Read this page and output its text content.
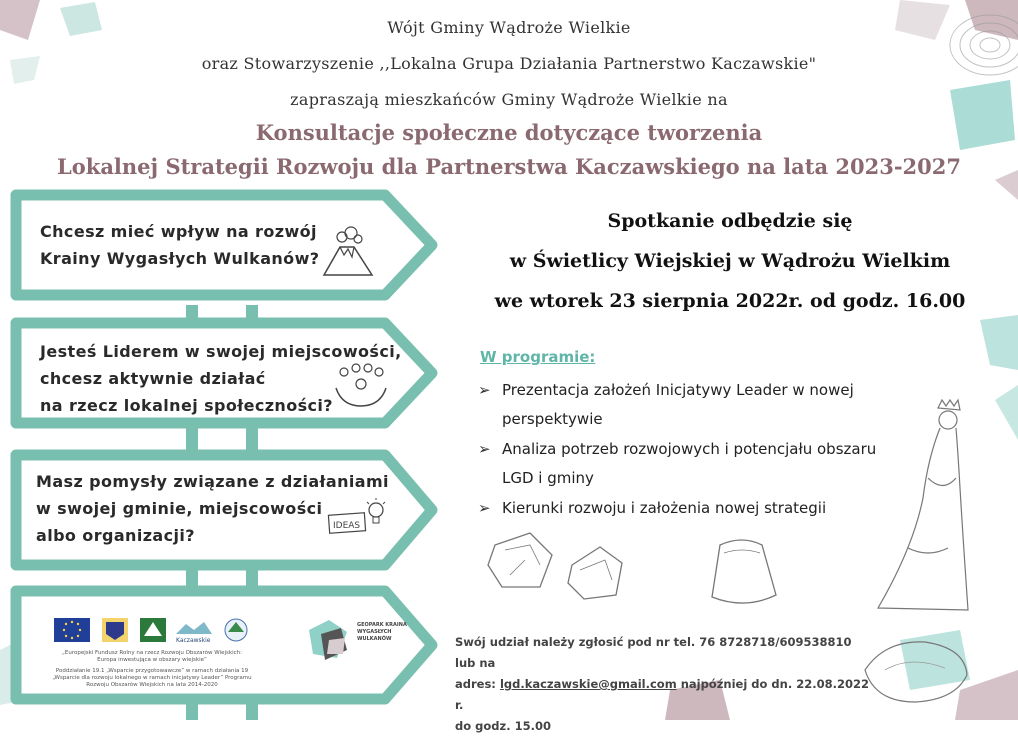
Wójt Gminy Wądroże Wielkie
oraz Stowarzyszenie ,,Lokalna Grupa Działania Partnerstwo Kaczawskie"
zapraszają mieszkańców Gminy Wądroże Wielkie na
Konsultacje społeczne dotyczące tworzenia
Lokalnej Strategii Rozwoju dla Partnerstwa Kaczawskiego na lata 2023-2027
Chcesz mieć wpływ na rozwój
Krainy Wygasłych Wulkanów?
Jesteś Liderem w swojej miejscowości,
chcesz aktywnie działać
na rzecz lokalnej społeczności?
Masz pomysły związane z działaniami
w swojej gminie, miejscowości
albo organizacji?	IDEAS
Kaczawskie
„Europejski Fundusz Rolny na rzecz Rozwoju Obszarów Wiejskich: Europa inwestująca w obszary wiejskie”
Poddziałanie 19.1 „Wsparcie przygotowawcze” w ramach działania 19 „Wsparcie dla rozwoju lokalnego w ramach inicjatywy Leader” Programu Rozwoju Obszarów Wiejskich na lata 2014-2020
GEOPARK KRAINA WYGASŁYCH WULKANÓW
Spotkanie odbędzie się
w Świetlicy Wiejskiej w Wądrożu Wielkim
we wtorek 23 sierpnia 2022r. od godz. 16.00
W programie:
➢ Prezentacja założeń Inicjatywy Leader w nowej perspektywie
➢ Analiza potrzeb rozwojowych i potencjału obszaru LGD i gminy
➢ Kierunki rozwoju i założenia nowej strategii
Swój udział należy zgłosić pod nr tel. 76 8728718/609538810 lub na
adres: lgd.kaczawskie@gmail.com najpóźniej do dn. 22.08.2022 r.
do godz. 15.00
